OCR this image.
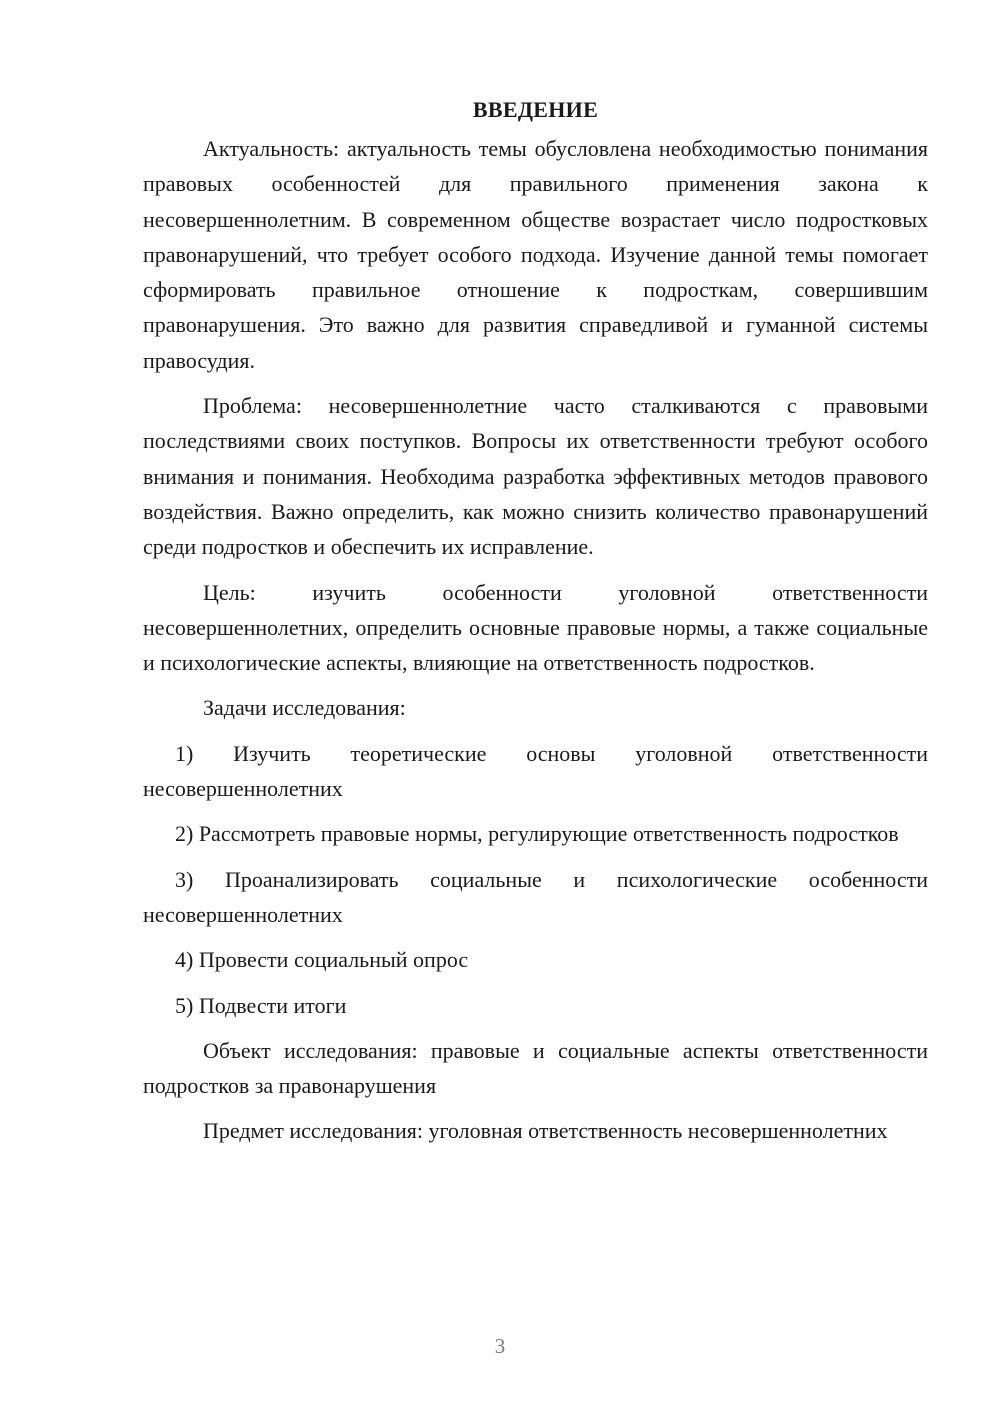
ВВЕДЕНИЕ

Актуальность: актуальность темы обусловлена необходимостью понимания правовых особенностей для правильного применения закона к несовершеннолетним. В современном обществе возрастает число подростковых правонарушений, что требует особого подхода. Изучение данной темы помогает сформировать правильное отношение к подросткам, совершившим правонарушения. Это важно для развития справедливой и гуманной системы правосудия.

Проблема: несовершеннолетние часто сталкиваются с правовыми последствиями своих поступков. Вопросы их ответственности требуют особого внимания и понимания. Необходима разработка эффективных методов правового воздействия. Важно определить, как можно снизить количество правонарушений среди подростков и обеспечить их исправление.

Цель: изучить особенности уголовной ответственности несовершеннолетних, определить основные правовые нормы, а также социальные и психологические аспекты, влияющие на ответственность подростков.

Задачи исследования:

1) Изучить теоретические основы уголовной ответственности несовершеннолетних

2) Рассмотреть правовые нормы, регулирующие ответственность подростков

3) Проанализировать социальные и психологические особенности несовершеннолетних

4) Провести социальный опрос

5) Подвести итоги

Объект исследования: правовые и социальные аспекты ответственности подростков за правонарушения

Предмет исследования: уголовная ответственность несовершеннолетних

3
